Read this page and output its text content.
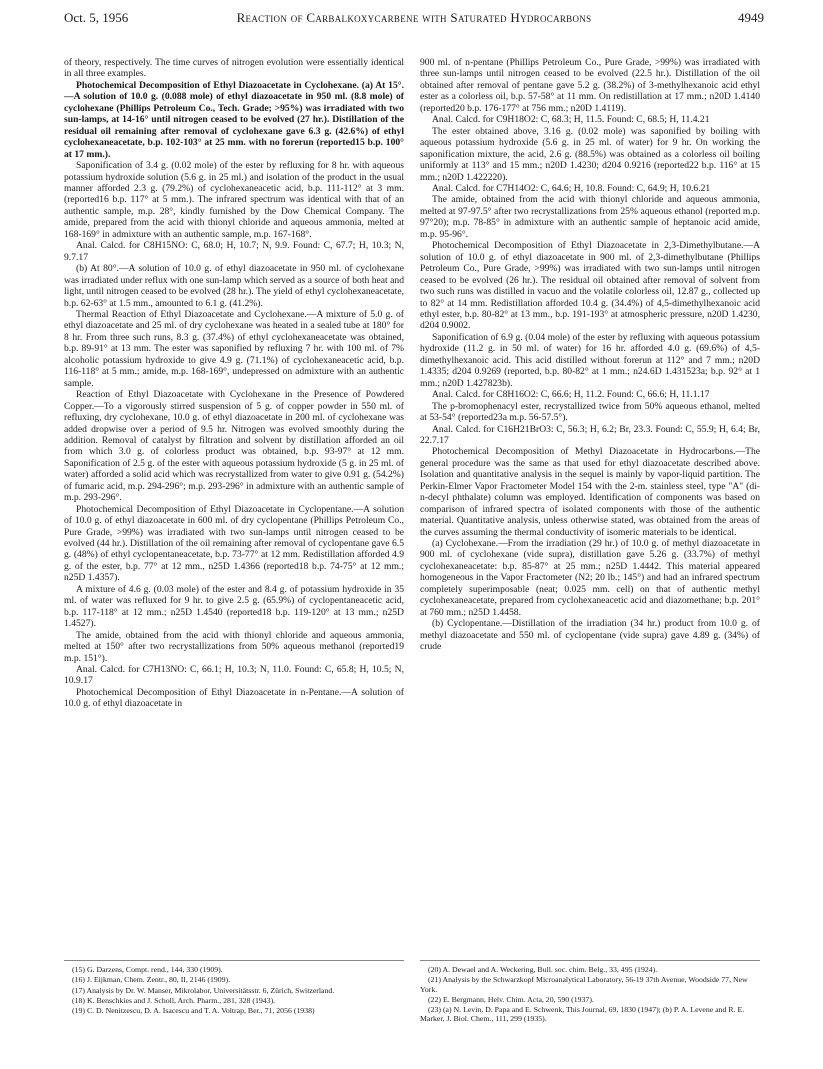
Oct. 5, 1956	Reaction of Carbalkoxycarbene with Saturated Hydrocarbons	4949

of theory, respectively. The time curves of nitrogen evolution were essentially identical in all three examples.

Photochemical Decomposition of Ethyl Diazoacetate in Cyclohexane. (a) At 15°.—A solution of 10.0 g. (0.088 mole) of ethyl diazoacetate in 950 ml. (8.8 mole) of cyclohexane (Phillips Petroleum Co., Tech. Grade; >95%) was irradiated with two sun-lamps, at 14-16° until nitrogen ceased to be evolved (27 hr.). Distillation of the residual oil remaining after removal of cyclohexane gave 6.3 g. (42.6%) of ethyl cyclohexaneacetate, b.p. 102-103° at 25 mm. with no forerun (reported15 b.p. 100° at 17 mm.).

Saponification of 3.4 g. (0.02 mole) of the ester by refluxing for 8 hr. with aqueous potassium hydroxide solution (5.6 g. in 25 ml.) and isolation of the product in the usual manner afforded 2.3 g. (79.2%) of cyclohexaneacetic acid, b.p. 111-112° at 3 mm. (reported16 b.p. 117° at 5 mm.). The infrared spectrum was identical with that of an authentic sample, m.p. 28°, kindly furnished by the Dow Chemical Company. The amide, prepared from the acid with thionyl chloride and aqueous ammonia, melted at 168-169° in admixture with an authentic sample, m.p. 167-168°.

Anal. Calcd. for C8H15NO: C, 68.0; H, 10.7; N, 9.9. Found: C, 67.7; H, 10.3; N, 9.7.17

(b) At 80°.—A solution of 10.0 g. of ethyl diazoacetate in 950 ml. of cyclohexane was irradiated under reflux with one sun-lamp which served as a source of both heat and light, until nitrogen ceased to be evolved (28 hr.). The yield of ethyl cyclohexaneacetate, b.p. 62-63° at 1.5 mm., amounted to 6.1 g. (41.2%).

Thermal Reaction of Ethyl Diazoacetate and Cyclohexane.—A mixture of 5.0 g. of ethyl diazoacetate and 25 ml. of dry cyclohexane was heated in a sealed tube at 180° for 8 hr. From three such runs, 8.3 g. (37.4%) of ethyl cyclohexaneacetate was obtained, b.p. 89-91° at 13 mm. The ester was saponified by refluxing 7 hr. with 100 ml. of 7% alcoholic potassium hydroxide to give 4.9 g. (71.1%) of cyclohexaneacetic acid, b.p. 116-118° at 5 mm.; amide, m.p. 168-169°, undepressed on admixture with an authentic sample.

Reaction of Ethyl Diazoacetate with Cyclohexane in the Presence of Powdered Copper.—To a vigorously stirred suspension of 5 g. of copper powder in 550 ml. of refluxing, dry cyclohexane, 10.0 g. of ethyl diazoacetate in 200 ml. of cyclohexane was added dropwise over a period of 9.5 hr. Nitrogen was evolved smoothly during the addition. Removal of catalyst by filtration and solvent by distillation afforded an oil from which 3.0 g. of colorless product was obtained, b.p. 93-97° at 12 mm. Saponification of 2.5 g. of the ester with aqueous potassium hydroxide (5 g. in 25 ml. of water) afforded a solid acid which was recrystallized from water to give 0.91 g. (54.2%) of fumaric acid, m.p. 294-296°; m.p. 293-296° in admixture with an authentic sample of m.p. 293-296°.

Photochemical Decomposition of Ethyl Diazoacetate in Cyclopentane.—A solution of 10.0 g. of ethyl diazoacetate in 600 ml. of dry cyclopentane (Phillips Petroleum Co., Pure Grade, >99%) was irradiated with two sun-lamps until nitrogen ceased to be evolved (44 hr.). Distillation of the oil remaining after removal of cyclopentane gave 6.5 g. (48%) of ethyl cyclopentaneacetate, b.p. 73-77° at 12 mm. Redistillation afforded 4.9 g. of the ester, b.p. 77° at 12 mm., n25D 1.4366 (reported18 b.p. 74-75° at 12 mm.; n25D 1.4357).

A mixture of 4.6 g. (0.03 mole) of the ester and 8.4 g. of potassium hydroxide in 35 ml. of water was refluxed for 9 hr. to give 2.5 g. (65.9%) of cyclopentaneacetic acid, b.p. 117-118° at 12 mm.; n25D 1.4540 (reported18 b.p. 119-120° at 13 mm.; n25D 1.4527).

The amide, obtained from the acid with thionyl chloride and aqueous ammonia, melted at 150° after two recrystallizations from 50% aqueous methanol (reported19 m.p. 151°).

Anal. Calcd. for C7H13NO: C, 66.1; H, 10.3; N, 11.0. Found: C, 65.8; H, 10.5; N, 10.9.17

Photochemical Decomposition of Ethyl Diazoacetate in n-Pentane.—A solution of 10.0 g. of ethyl diazoacetate in

900 ml. of n-pentane (Phillips Petroleum Co., Pure Grade, >99%) was irradiated with three sun-lamps until nitrogen ceased to be evolved (22.5 hr.). Distillation of the oil obtained after removal of pentane gave 5.2 g. (38.2%) of 3-methylhexanoic acid ethyl ester as a colorless oil, b.p. 57-58° at 11 mm. On redistillation at 17 mm.; n20D 1.4140 (reported20 b.p. 176-177° at 756 mm.; n20D 1.4119).

Anal. Calcd. for C9H18O2: C, 68.3; H, 11.5. Found: C, 68.5; H, 11.4.21

The ester obtained above, 3.16 g. (0.02 mole) was saponified by boiling with aqueous potassium hydroxide (5.6 g. in 25 ml. of water) for 9 hr. On working the saponification mixture, the acid, 2.6 g. (88.5%) was obtained as a colorless oil boiling uniformly at 113° and 15 mm.; n20D 1.4230; d204 0.9216 (reported22 b.p. 116° at 15 mm.; n20D 1.422220).

Anal. Calcd. for C7H14O2: C, 64.6; H, 10.8. Found: C, 64.9; H, 10.6.21

The amide, obtained from the acid with thionyl chloride and aqueous ammonia, melted at 97-97.5° after two recrystallizations from 25% aqueous ethanol (reported m.p. 97°20); m.p. 78-85° in admixture with an authentic sample of heptanoic acid amide, m.p. 95-96°.

Photochemical Decomposition of Ethyl Diazoacetate in 2,3-Dimethylbutane.—A solution of 10.0 g. of ethyl diazoacetate in 900 ml. of 2,3-dimethylbutane (Phillips Petroleum Co., Pure Grade, >99%) was irradiated with two sun-lamps until nitrogen ceased to be evolved (26 hr.). The residual oil obtained after removal of solvent from two such runs was distilled in vacuo and the volatile colorless oil, 12.87 g., collected up to 82° at 14 mm. Redistillation afforded 10.4 g. (34.4%) of 4,5-dimethylhexanoic acid ethyl ester, b.p. 80-82° at 13 mm., b.p. 191-193° at atmospheric pressure, n20D 1.4230, d204 0.9002.

Saponification of 6.9 g. (0.04 mole) of the ester by refluxing with aqueous potassium hydroxide (11.2 g. in 50 ml. of water) for 16 hr. afforded 4.0 g. (69.6%) of 4,5-dimethylhexanoic acid. This acid distilled without forerun at 112° and 7 mm.; n20D 1.4335; d204 0.9269 (reported, b.p. 80-82° at 1 mm.; n24.6D 1.431523a; b.p. 92° at 1 mm.; n20D 1.427823b).

Anal. Calcd. for C8H16O2: C, 66.6; H, 11.2. Found: C, 66.6; H, 11.1.17

The p-bromophenacyl ester, recrystallized twice from 50% aqueous ethanol, melted at 53-54° (reported23a m.p. 56-57.5°).

Anal. Calcd. for C16H21BrO3: C, 56.3; H, 6.2; Br, 23.3. Found: C, 55.9; H, 6.4; Br, 22.7.17

Photochemical Decomposition of Methyl Diazoacetate in Hydrocarbons.—The general procedure was the same as that used for ethyl diazoacetate described above. Isolation and quantitative analysis in the sequel is mainly by vapor-liquid partition. The Perkin-Elmer Vapor Fractometer Model 154 with the 2-m. stainless steel, type "A" (di-n-decyl phthalate) column was employed. Identification of components was based on comparison of infrared spectra of isolated components with those of the authentic material. Quantitative analysis, unless otherwise stated, was obtained from the areas of the curves assuming the thermal conductivity of isomeric materials to be identical.

(a) Cyclohexane.—From the irradiation (29 hr.) of 10.0 g. of methyl diazoacetate in 900 ml. of cyclohexane (vide supra), distillation gave 5.26 g. (33.7%) of methyl cyclohexaneacetate: b.p. 85-87° at 25 mm.; n25D 1.4442. This material appeared homogeneous in the Vapor Fractometer (N2; 20 lb.; 145°) and had an infrared spectrum completely superimposable (neat; 0.025 mm. cell) on that of authentic methyl cyclohexaneacetate, prepared from cyclohexaneacetic acid and diazomethane; b.p. 201° at 760 mm.; n25D 1.4458.

(b) Cyclopentane.—Distillation of the irradiation (34 hr.) product from 10.0 g. of methyl diazoacetate and 550 ml. of cyclopentane (vide supra) gave 4.89 g. (34%) of crude

(15) G. Darzens, Compt. rend., 144, 330 (1909).

(16) J. Eijkman, Chem. Zentr., 80, II, 2146 (1909).

(17) Analysis by Dr. W. Manser, Mikrolabor, Universitätsstr. 6, Zürich, Switzerland.

(18) K. Benschkies and J. Scholl, Arch. Pharm., 281, 328 (1943).

(19) C. D. Nenitzescu, D. A. Isacescu and T. A. Voltrap, Ber., 71, 2056 (1938)

(20) A. Dewael and A. Weckering, Bull. soc. chim. Belg., 33, 495 (1924).

(21) Analysis by the Schwarzkopf Microanalytical Laboratory, 56-19 37th Avenue, Woodside 77, New York.

(22) E. Bergmann, Helv. Chim. Acta, 20, 590 (1937).

(23) (a) N. Levin, D. Papa and E. Schwenk, This Journal, 69, 1830 (1947); (b) P. A. Levene and R. E. Marker, J. Biol. Chem., 111, 299 (1935).
